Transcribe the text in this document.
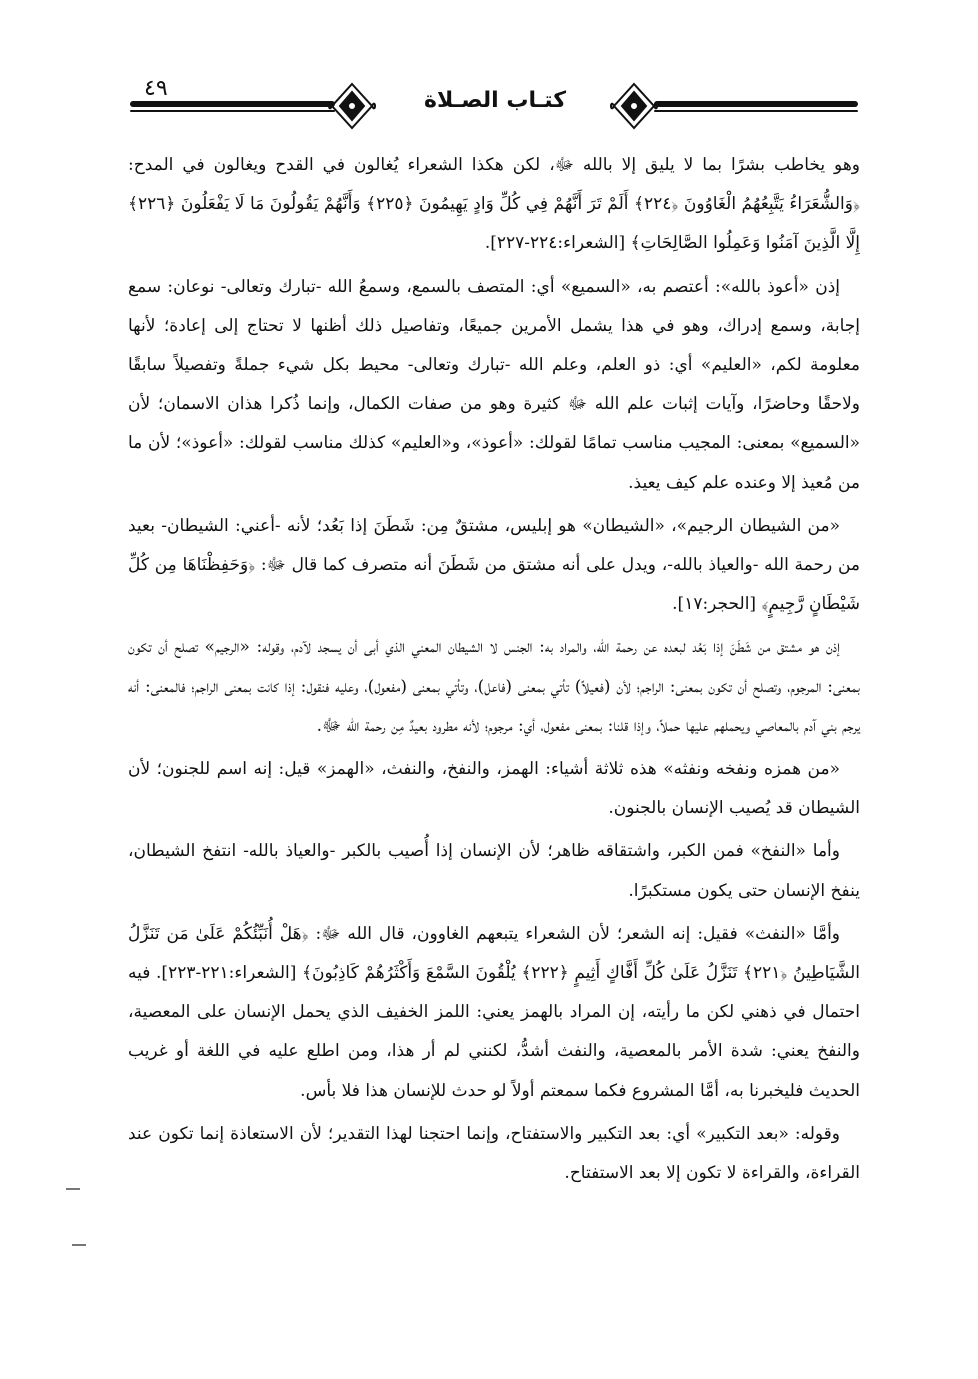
٤٩	كتـاب الصـلاة

وهو يخاطب بشرًا بما لا يليق إلا بالله ﷻ، لكن هكذا الشعراء يُغالون في القدح ويغالون في المدح: ﴿وَالشُّعَرَاءُ يَتَّبِعُهُمُ الْغَاوُونَ ﴿٢٢٤﴾ أَلَمْ تَرَ أَنَّهُمْ فِي كُلِّ وَادٍ يَهِيمُونَ ﴿٢٢٥﴾ وَأَنَّهُمْ يَقُولُونَ مَا لَا يَفْعَلُونَ ﴿٢٢٦﴾ إِلَّا الَّذِينَ آمَنُوا وَعَمِلُوا الصَّالِحَاتِ﴾ [الشعراء:٢٢٤-٢٢٧].

إذن «أعوذ بالله»: أعتصم به، «السميع» أي: المتصف بالسمع، وسمعُ الله -تبارك وتعالى- نوعان: سمع إجابة، وسمع إدراك، وهو في هذا يشمل الأمرين جميعًا، وتفاصيل ذلك أظنها لا تحتاج إلى إعادة؛ لأنها معلومة لكم، «العليم» أي: ذو العلم، وعلم الله -تبارك وتعالى- محيط بكل شيء جملةً وتفصيلاً سابقًا ولاحقًا وحاضرًا، وآيات إثبات علم الله ﷻ كثيرة وهو من صفات الكمال، وإنما ذُكرا هذان الاسمان؛ لأن «السميع» بمعنى: المجيب مناسب تمامًا لقولك: «أعوذ»، و«العليم» كذلك مناسب لقولك: «أعوذ»؛ لأن ما من مُعيذ إلا وعنده علم كيف يعيذ.

«من الشيطان الرجيم»، «الشيطان» هو إبليس، مشتقٌ مِن: شَطَنَ إذا بَعُد؛ لأنه -أعني: الشيطان- بعيد من رحمة الله -والعياذ بالله-، ويدل على أنه مشتق من شَطَنَ أنه متصرف كما قال ﷻ: ﴿وَحَفِظْنَاهَا مِن كُلِّ شَيْطَانٍ رَّجِيمٍ﴾ [الحجر:١٧].

إذن هو مشتق من شَطَنَ إذا بَعُد لبعده عن رحمة الله، والمراد به: الجنس لا الشيطان المعني الذي أبى أن يسجد لآدم، وقوله: «الرجيم» تصلح أن تكون بمعنى: المرجوم، وتصلح أن تكون بمعنى: الراجم؛ لأن (فعيلاً) تأتي بمعنى (فاعل)، وتأتي بمعنى (مفعول)، وعليه فنقول: إذا كانت بمعنى الراجم؛ فالمعنى: أنه يرجم بني آدم بالمعاصي ويحملهم عليها حملاً، وإذا قلنا: بمعنى مفعول، أي: مرجوم؛ لأنه مطرود بعيدٌ مِن رحمة الله ﷻ.

«من همزه ونفخه ونفثه» هذه ثلاثة أشياء: الهمز، والنفخ، والنفث، «الهمز» قيل: إنه اسم للجنون؛ لأن الشيطان قد يُصيب الإنسان بالجنون.

وأما «النفخ» فمن الكبر، واشتقاقه ظاهر؛ لأن الإنسان إذا أُصيب بالكبر -والعياذ بالله- انتفخ الشيطان، ينفخ الإنسان حتى يكون مستكبرًا.

وأمَّا «النفث» فقيل: إنه الشعر؛ لأن الشعراء يتبعهم الغاوون، قال الله ﷻ: ﴿هَلْ أُنَبِّئُكُمْ عَلَىٰ مَن تَنَزَّلُ الشَّيَاطِينُ ﴿٢٢١﴾ تَنَزَّلُ عَلَىٰ كُلِّ أَفَّاكٍ أَثِيمٍ ﴿٢٢٢﴾ يُلْقُونَ السَّمْعَ وَأَكْثَرُهُمْ كَاذِبُونَ﴾ [الشعراء:٢٢١-٢٢٣]. فيه احتمال في ذهني لكن ما رأيته، إن المراد بالهمز يعني: اللمز الخفيف الذي يحمل الإنسان على المعصية، والنفخ يعني: شدة الأمر بالمعصية، والنفث أشدُّ، لكنني لم أر هذا، ومن اطلع عليه في اللغة أو غريب الحديث فليخبرنا به، أمَّا المشروع فكما سمعتم أولاً لو حدث للإنسان هذا فلا بأس.

وقوله: «بعد التكبير» أي: بعد التكبير والاستفتاح، وإنما احتجنا لهذا التقدير؛ لأن الاستعاذة إنما تكون عند القراءة، والقراءة لا تكون إلا بعد الاستفتاح.
